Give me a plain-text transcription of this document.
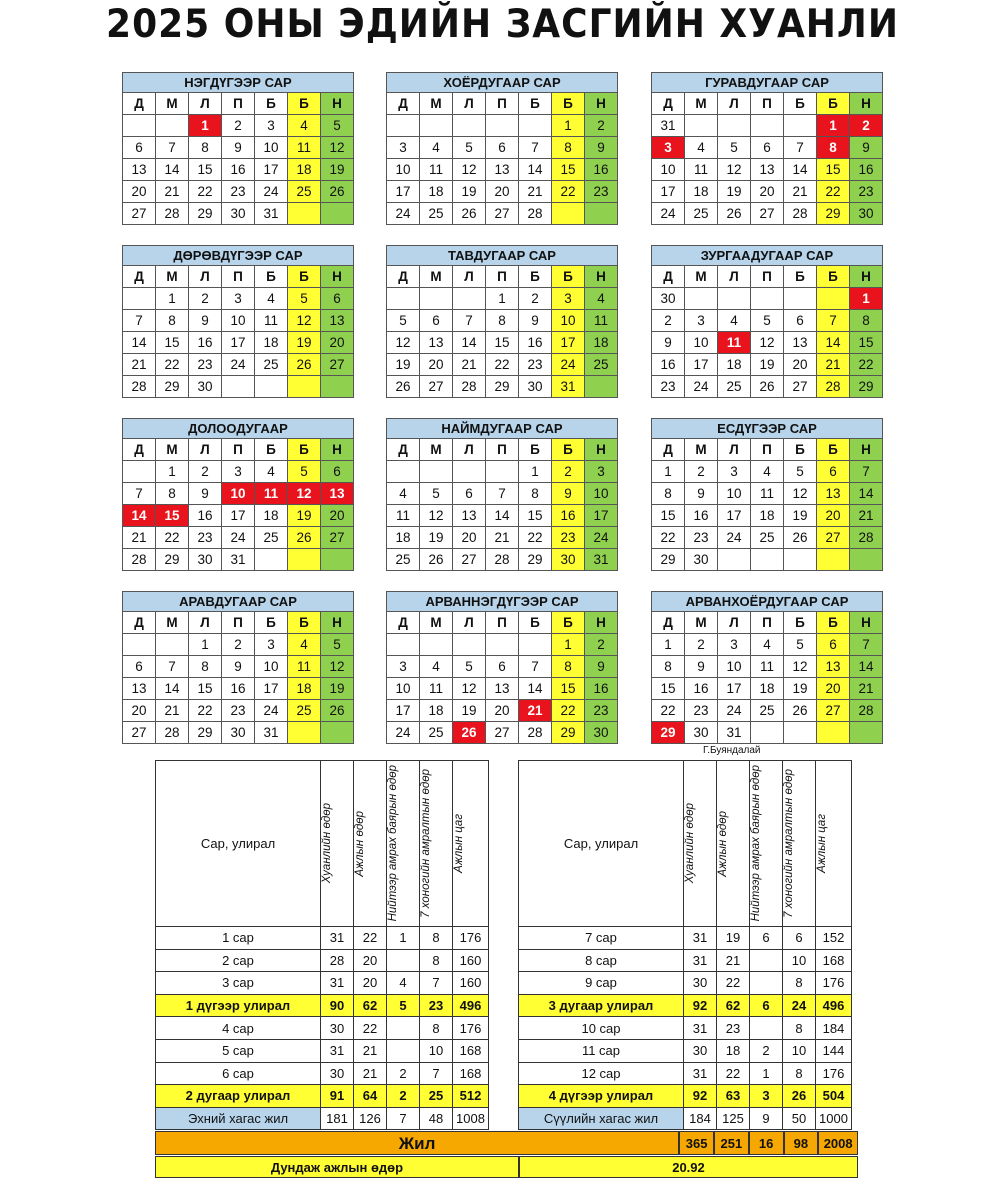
2025 ОНЫ ЭДИЙН ЗАСГИЙН ХУАНЛИ
НЭГДҮГЭЭР САР						
Д	М	Л	П	Б	Б	Н
		1	2	3	4	5
6	7	8	9	10	11	12
13	14	15	16	17	18	19
20	21	22	23	24	25	26
27	28	29	30	31		
ХОЁРДУГААР САР						
Д	М	Л	П	Б	Б	Н
					1	2
3	4	5	6	7	8	9
10	11	12	13	14	15	16
17	18	19	20	21	22	23
24	25	26	27	28		
ГУРАВДУГААР САР						
Д	М	Л	П	Б	Б	Н
31					1	2
3	4	5	6	7	8	9
10	11	12	13	14	15	16
17	18	19	20	21	22	23
24	25	26	27	28	29	30
ДӨРӨВДҮГЭЭР САР						
Д	М	Л	П	Б	Б	Н
	1	2	3	4	5	6
7	8	9	10	11	12	13
14	15	16	17	18	19	20
21	22	23	24	25	26	27
28	29	30				
ТАВДУГААР САР						
Д	М	Л	П	Б	Б	Н
			1	2	3	4
5	6	7	8	9	10	11
12	13	14	15	16	17	18
19	20	21	22	23	24	25
26	27	28	29	30	31	
ЗУРГААДУГААР САР						
Д	М	Л	П	Б	Б	Н
30						1
2	3	4	5	6	7	8
9	10	11	12	13	14	15
16	17	18	19	20	21	22
23	24	25	26	27	28	29
ДОЛООДУГААР						
Д	М	Л	П	Б	Б	Н
	1	2	3	4	5	6
7	8	9	10	11	12	13
14	15	16	17	18	19	20
21	22	23	24	25	26	27
28	29	30	31			
НАЙМДУГААР САР						
Д	М	Л	П	Б	Б	Н
				1	2	3
4	5	6	7	8	9	10
11	12	13	14	15	16	17
18	19	20	21	22	23	24
25	26	27	28	29	30	31
ЕСДҮГЭЭР САР						
Д	М	Л	П	Б	Б	Н
1	2	3	4	5	6	7
8	9	10	11	12	13	14
15	16	17	18	19	20	21
22	23	24	25	26	27	28
29	30					
АРАВДУГААР САР						
Д	М	Л	П	Б	Б	Н
		1	2	3	4	5
6	7	8	9	10	11	12
13	14	15	16	17	18	19
20	21	22	23	24	25	26
27	28	29	30	31		
АРВАННЭГДҮГЭЭР САР						
Д	М	Л	П	Б	Б	Н
					1	2
3	4	5	6	7	8	9
10	11	12	13	14	15	16
17	18	19	20	21	22	23
24	25	26	27	28	29	30
АРВАНХОЁРДУГААР САР						
Д	М	Л	П	Б	Б	Н
1	2	3	4	5	6	7
8	9	10	11	12	13	14
15	16	17	18	19	20	21
22	23	24	25	26	27	28
29	30	31				
Г.Буяндалай
Сар, улирал	Хуанлийн өдөр	Ажлын өдөр	Нийтээр амрах баярын өдөр	7 хоногийн амралтын өдөр	Ажлын цаг

1 сар	31	22	1	8	176
2 сар	28	20		8	160
3 сар	31	20	4	7	160
1 дүгээр улирал	90	62	5	23	496
4 сар	30	22		8	176
5 сар	31	21		10	168
6 сар	30	21	2	7	168
2 дугаар улирал	91	64	2	25	512
Эхний хагас жил	181	126	7	48	1008
Сар, улирал	Хуанлийн өдөр	Ажлын өдөр	Нийтээр амрах баярын өдөр	7 хоногийн амралтын өдөр	Ажлын цаг

7 сар	31	19	6	6	152
8 сар	31	21		10	168
9 сар	30	22		8	176
3 дугаар улирал	92	62	6	24	496
10 сар	31	23		8	184
11 сар	30	18	2	10	144
12 сар	31	22	1	8	176
4 дүгээр улирал	92	63	3	26	504
Сүүлийн хагас жил	184	125	9	50	1000
Жил	365	251	16	98	2008
Дундаж ажлын өдөр	20.92
